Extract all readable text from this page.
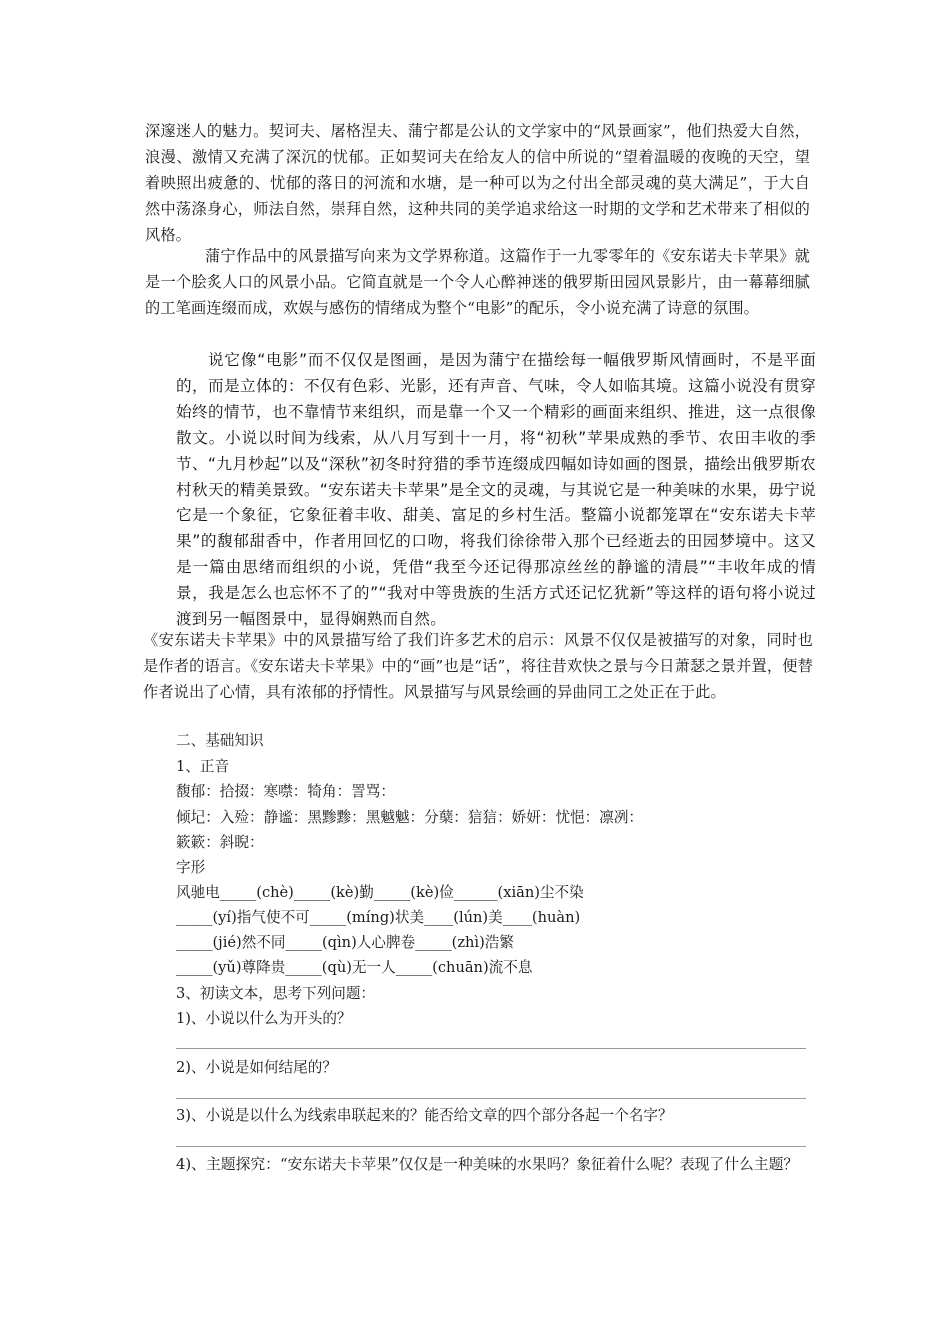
深邃迷人的魅力。契诃夫、屠格涅夫、蒲宁都是公认的文学家中的“风景画家”，他们热爱大自然，浪漫、激情又充满了深沉的忧郁。正如契诃夫在给友人的信中所说的“望着温暖的夜晚的天空，望着映照出疲惫的、忧郁的落日的河流和水塘，是一种可以为之付出全部灵魂的莫大满足”，于大自然中荡涤身心，师法自然，崇拜自然，这种共同的美学追求给这一时期的文学和艺术带来了相似的风格。

蒲宁作品中的风景描写向来为文学界称道。这篇作于一九零零年的《安东诺夫卡苹果》就是一个脍炙人口的风景小品。它简直就是一个令人心醉神迷的俄罗斯田园风景影片，由一幕幕细腻的工笔画连缀而成，欢娱与感伤的情绪成为整个“电影”的配乐，令小说充满了诗意的氛围。

说它像“电影”而不仅仅是图画，是因为蒲宁在描绘每一幅俄罗斯风情画时，不是平面的，而是立体的：不仅有色彩、光影，还有声音、气味，令人如临其境。这篇小说没有贯穿始终的情节，也不靠情节来组织，而是靠一个又一个精彩的画面来组织、推进，这一点很像散文。小说以时间为线索，从八月写到十一月，将“初秋”苹果成熟的季节、农田丰收的季节、“九月杪起”以及“深秋”初冬时狩猎的季节连缀成四幅如诗如画的图景，描绘出俄罗斯农村秋天的精美景致。“安东诺夫卡苹果”是全文的灵魂，与其说它是一种美味的水果，毋宁说它是一个象征，它象征着丰收、甜美、富足的乡村生活。整篇小说都笼罩在“安东诺夫卡苹果”的馥郁甜香中，作者用回忆的口吻，将我们徐徐带入那个已经逝去的田园梦境中。这又是一篇由思绪而组织的小说，凭借“我至今还记得那凉丝丝的静谧的清晨”“丰收年成的情景，我是怎么也忘怀不了的”“我对中等贵族的生活方式还记忆犹新”等这样的语句将小说过渡到另一幅图景中，显得娴熟而自然。

《安东诺夫卡苹果》中的风景描写给了我们许多艺术的启示：风景不仅仅是被描写的对象，同时也是作者的语言。《安东诺夫卡苹果》中的“画”也是“话”，将往昔欢快之景与今日萧瑟之景并置，便替作者说出了心情，具有浓郁的抒情性。风景描写与风景绘画的异曲同工之处正在于此。

二、基础知识

1、正音

馥郁：拾掇：寒噤：犄角：詈骂：

倾圮：入殓：静谧：黑黪黪：黑魆魆：分蘖：狺狺：娇妍：忧悒：凛冽：

簌簌：斜睨：

字形

风驰电_____(chè)_____(kè)勤_____(kè)俭______(xiān)尘不染

_____(yí)指气使不可_____(míng)状美____(lún)美____(huàn)

_____(jié)然不同_____(qìn)人心脾卷_____(zhì)浩繁

_____(yǔ)尊降贵_____(qù)无一人_____(chuān)流不息

3、初读文本，思考下列问题：

1)、小说以什么为开头的？

2)、小说是如何结尾的？

3)、小说是以什么为线索串联起来的？能否给文章的四个部分各起一个名字？

4)、主题探究：“安东诺夫卡苹果”仅仅是一种美味的水果吗？象征着什么呢？表现了什么主题？
